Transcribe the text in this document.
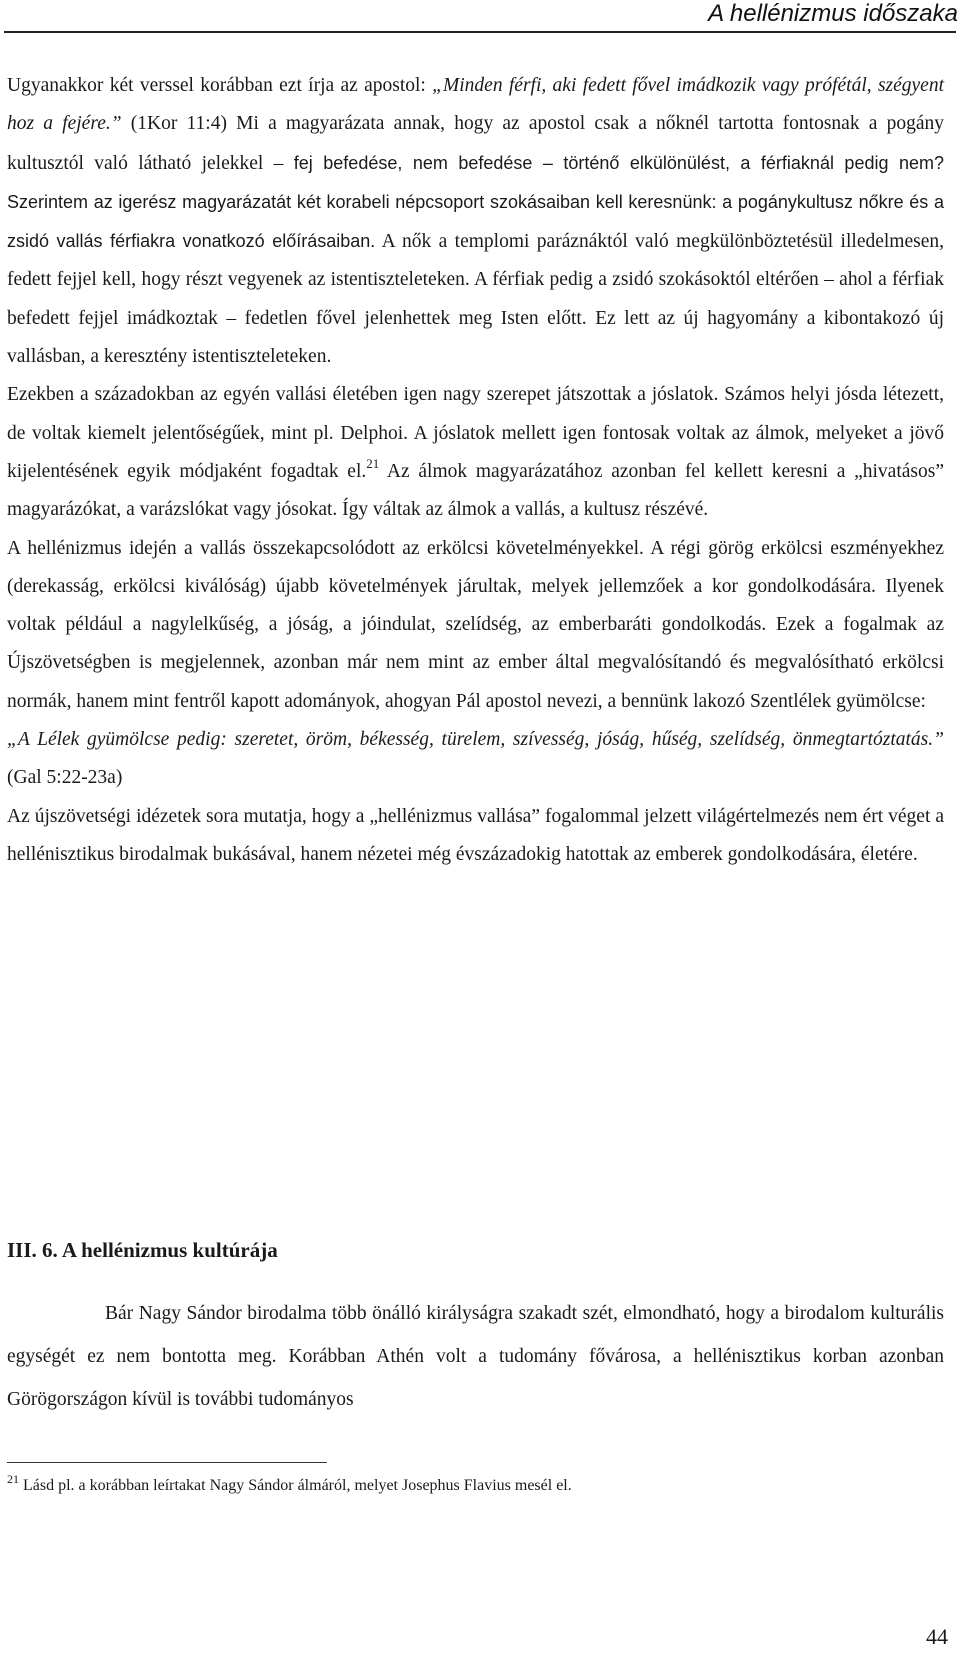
A hellénizmus időszaka

Ugyanakkor két verssel korábban ezt írja az apostol: „Minden férfi, aki fedett fővel imádkozik vagy prófétál, szégyent hoz a fejére.” (1Kor 11:4) Mi a magyarázata annak, hogy az apostol csak a nőknél tartotta fontosnak a pogány kultusztól való látható jelekkel – fej befedése, nem befedése – történő elkülönülést, a férfiaknál pedig nem? Szerintem az igerész magyarázatát két korabeli népcsoport szokásaiban kell keresnünk: a pogánykultusz nőkre és a zsidó vallás férfiakra vonatkozó előírásaiban. A nők a templomi paráznáktól való megkülönböztetésül illedelmesen, fedett fejjel kell, hogy részt vegyenek az istentiszteleteken. A férfiak pedig a zsidó szokásoktól eltérően – ahol a férfiak befedett fejjel imádkoztak – fedetlen fővel jelenhettek meg Isten előtt. Ez lett az új hagyomány a kibontakozó új vallásban, a keresztény istentiszteleteken.

Ezekben a századokban az egyén vallási életében igen nagy szerepet játszottak a jóslatok. Számos helyi jósda létezett, de voltak kiemelt jelentőségűek, mint pl. Delphoi. A jóslatok mellett igen fontosak voltak az álmok, melyeket a jövő kijelentésének egyik módjaként fogadtak el.$^{21}$ Az álmok magyarázatához azonban fel kellett keresni a „hivatásos” magyarázókat, a varázslókat vagy jósokat. Így váltak az álmok a vallás, a kultusz részévé.

A hellénizmus idején a vallás összekapcsolódott az erkölcsi követelményekkel. A régi görög erkölcsi eszményekhez (derekasság, erkölcsi kiválóság) újabb követelmények járultak, melyek jellemzőek a kor gondolkodására. Ilyenek voltak például a nagylelkűség, a jóság, a jóindulat, szelídség, az emberbaráti gondolkodás. Ezek a fogalmak az Újszövetségben is megjelennek, azonban már nem mint az ember által megvalósítandó és megvalósítható erkölcsi normák, hanem mint fentről kapott adományok, ahogyan Pál apostol nevezi, a bennünk lakozó Szentlélek gyümölcse:

„A Lélek gyümölcse pedig: szeretet, öröm, békesség, türelem, szívesség, jóság, hűség, szelídség, önmegtartóztatás.” (Gal 5:22-23a)

Az újszövetségi idézetek sora mutatja, hogy a „hellénizmus vallása” fogalommal jelzett világértelmezés nem ért véget a hellénisztikus birodalmak bukásával, hanem nézetei még évszázadokig hatottak az emberek gondolkodására, életére.

III. 6. A hellénizmus kultúrája

Bár Nagy Sándor birodalma több önálló királyságra szakadt szét, elmondható, hogy a birodalom kulturális egységét ez nem bontotta meg. Korábban Athén volt a tudomány fővárosa, a hellénisztikus korban azonban Görögországon kívül is további tudományos

$^{21}$ Lásd pl. a korábban leírtakat Nagy Sándor álmáról, melyet Josephus Flavius mesél el.

44
